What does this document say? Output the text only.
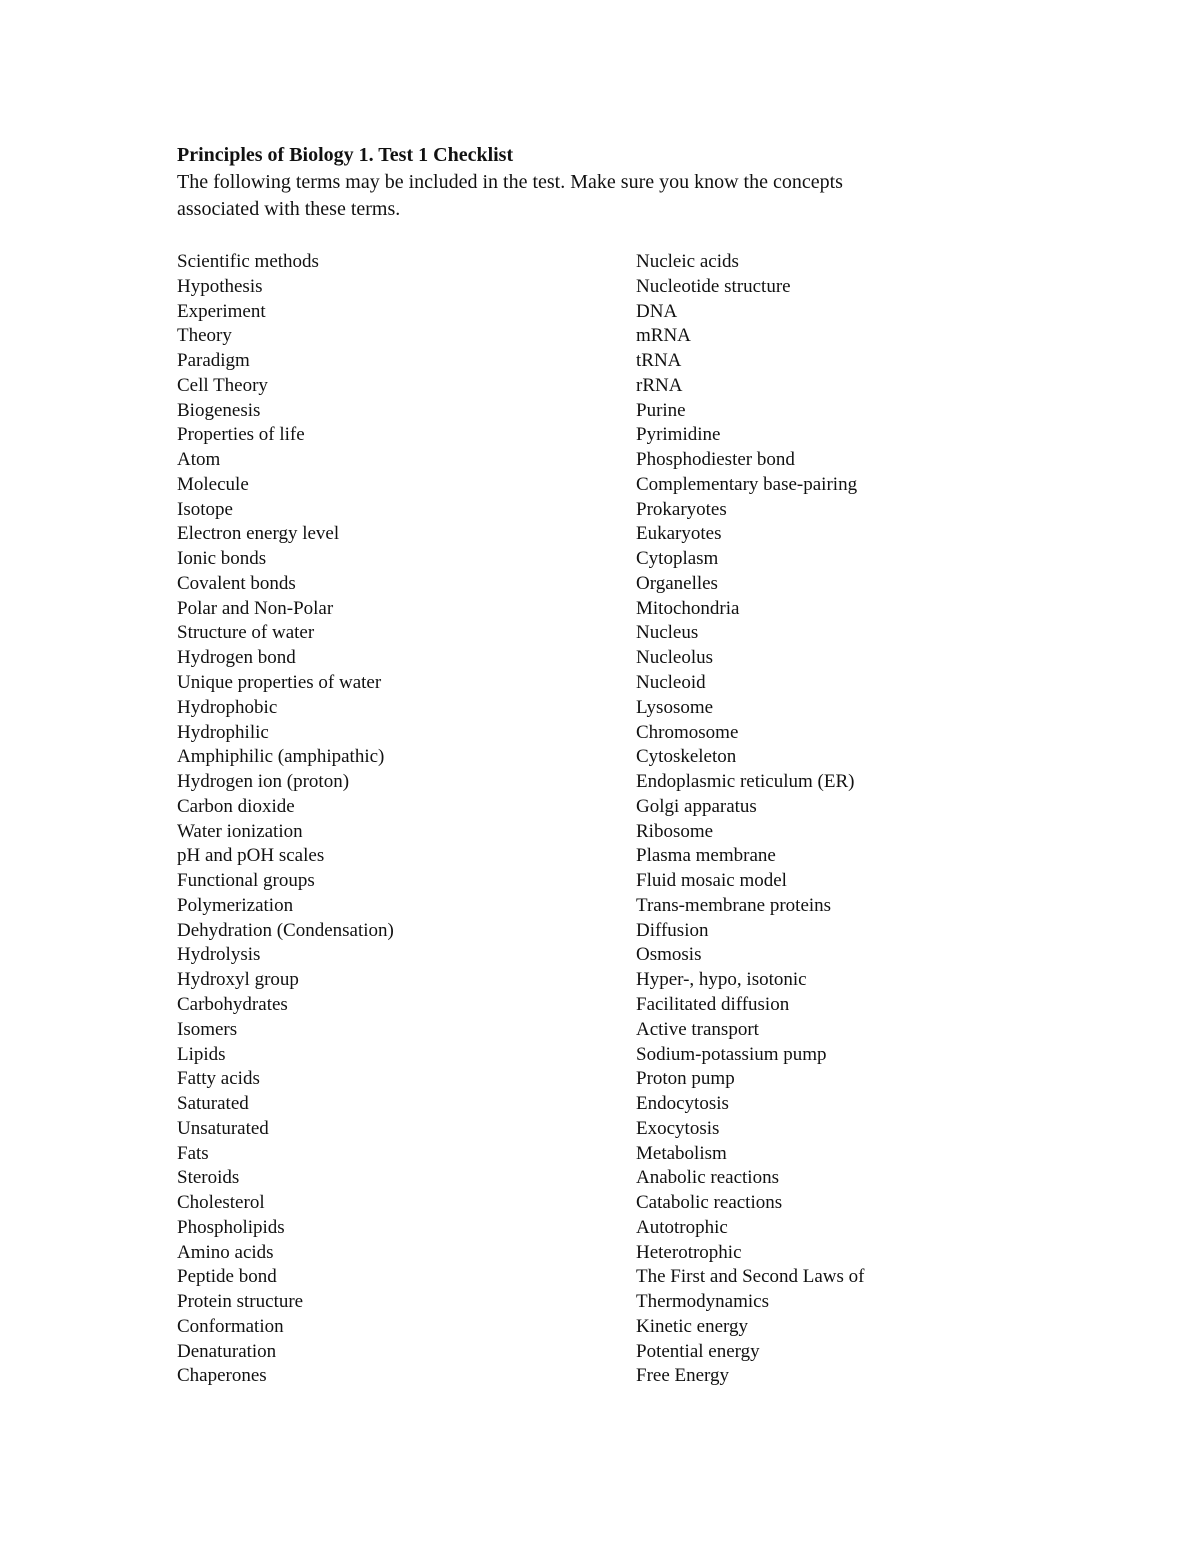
Principles of Biology 1. Test 1 Checklist
The following terms may be included in the test. Make sure you know the concepts
associated with these terms.
Scientific methods
Hypothesis
Experiment
Theory
Paradigm
Cell Theory
Biogenesis
Properties of life
Atom
Molecule
Isotope
Electron energy level
Ionic bonds
Covalent bonds
Polar and Non-Polar
Structure of water
Hydrogen bond
Unique properties of water
Hydrophobic
Hydrophilic
Amphiphilic (amphipathic)
Hydrogen ion (proton)
Carbon dioxide
Water ionization
pH and pOH scales
Functional groups
Polymerization
Dehydration (Condensation)
Hydrolysis
Hydroxyl group
Carbohydrates
Isomers
Lipids
Fatty acids
Saturated
Unsaturated
Fats
Steroids
Cholesterol
Phospholipids
Amino acids
Peptide bond
Protein structure
Conformation
Denaturation
Chaperones
Nucleic acids
Nucleotide structure
DNA
mRNA
tRNA
rRNA
Purine
Pyrimidine
Phosphodiester bond
Complementary base-pairing
Prokaryotes
Eukaryotes
Cytoplasm
Organelles
Mitochondria
Nucleus
Nucleolus
Nucleoid
Lysosome
Chromosome
Cytoskeleton
Endoplasmic reticulum (ER)
Golgi apparatus
Ribosome
Plasma membrane
Fluid mosaic model
Trans-membrane proteins
Diffusion
Osmosis
Hyper-, hypo, isotonic
Facilitated diffusion
Active transport
Sodium-potassium pump
Proton pump
Endocytosis
Exocytosis
Metabolism
Anabolic reactions
Catabolic reactions
Autotrophic
Heterotrophic
The First and Second Laws of
Thermodynamics
Kinetic energy
Potential energy
Free Energy
